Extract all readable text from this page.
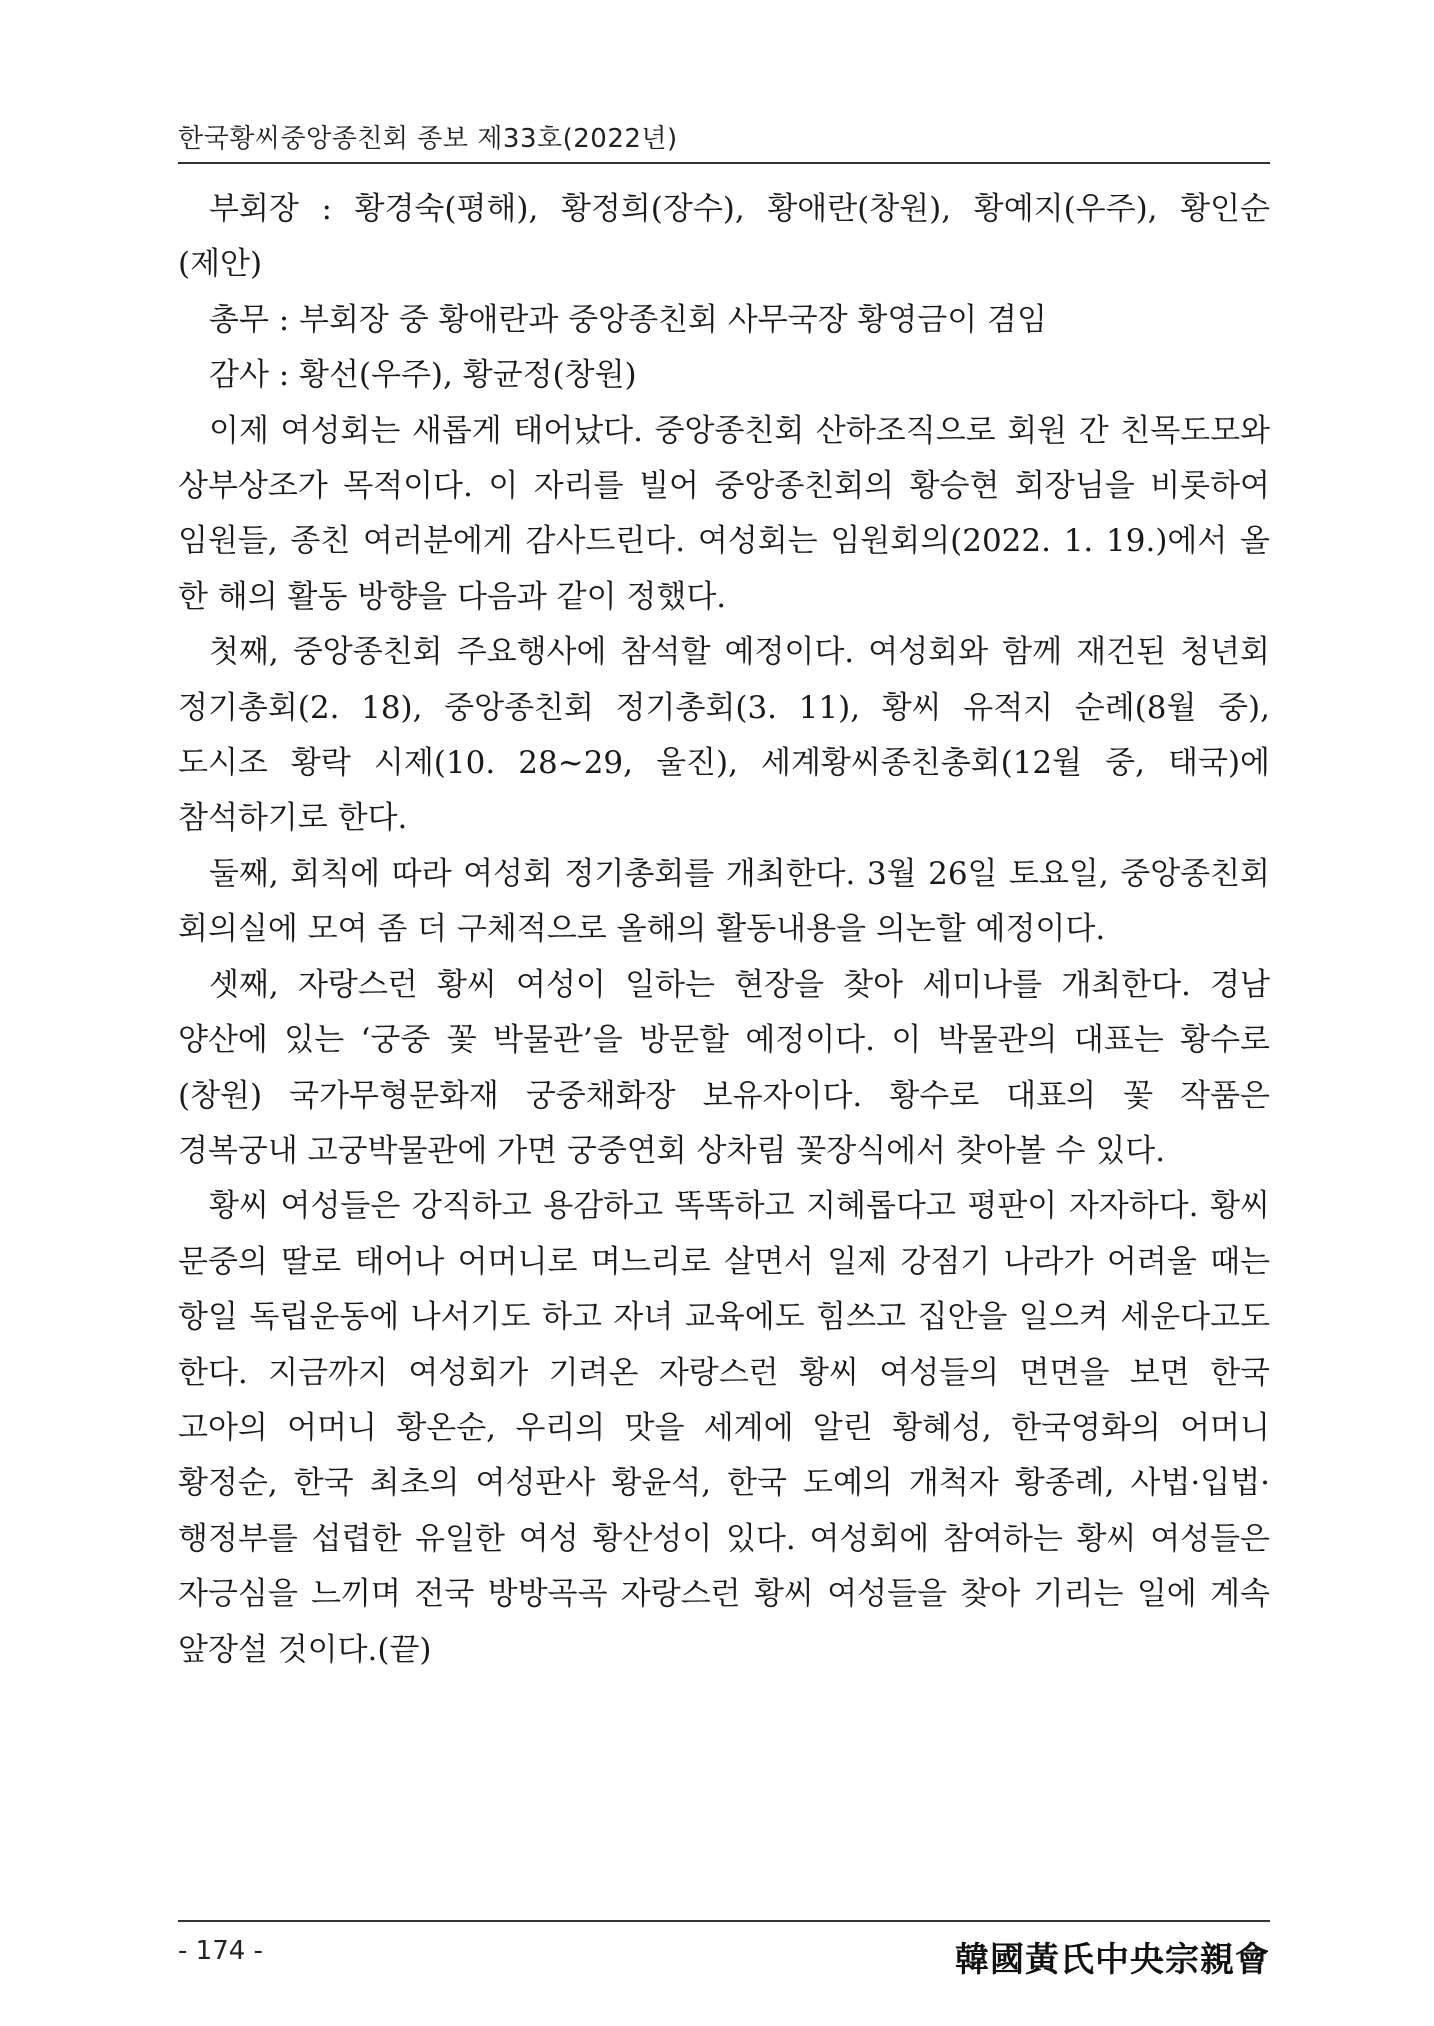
한국황씨중앙종친회 종보 제33호(2022년)

부회장 : 황경숙(평해), 황정희(장수), 황애란(창원), 황예지(우주), 황인순(제안)

총무 : 부회장 중 황애란과 중앙종친회 사무국장 황영금이 겸임

감사 : 황선(우주), 황균정(창원)

이제 여성회는 새롭게 태어났다. 중앙종친회 산하조직으로 회원 간 친목도모와 상부상조가 목적이다. 이 자리를 빌어 중앙종친회의 황승현 회장님을 비롯하여 임원들, 종친 여러분에게 감사드린다. 여성회는 임원회의(2022. 1. 19.)에서 올 한 해의 활동 방향을 다음과 같이 정했다.

첫째, 중앙종친회 주요행사에 참석할 예정이다. 여성회와 함께 재건된 청년회 정기총회(2. 18), 중앙종친회 정기총회(3. 11), 황씨 유적지 순례(8월 중), 도시조 황락 시제(10. 28~29, 울진), 세계황씨종친총회(12월 중, 태국)에 참석하기로 한다.

둘째, 회칙에 따라 여성회 정기총회를 개최한다. 3월 26일 토요일, 중앙종친회 회의실에 모여 좀 더 구체적으로 올해의 활동내용을 의논할 예정이다.

셋째, 자랑스런 황씨 여성이 일하는 현장을 찾아 세미나를 개최한다. 경남 양산에 있는 ‘궁중 꽃 박물관’을 방문할 예정이다. 이 박물관의 대표는 황수로(창원) 국가무형문화재 궁중채화장 보유자이다. 황수로 대표의 꽃 작품은 경복궁내 고궁박물관에 가면 궁중연회 상차림 꽃장식에서 찾아볼 수 있다.

황씨 여성들은 강직하고 용감하고 똑똑하고 지혜롭다고 평판이 자자하다. 황씨 문중의 딸로 태어나 어머니로 며느리로 살면서 일제 강점기 나라가 어려울 때는 항일 독립운동에 나서기도 하고 자녀 교육에도 힘쓰고 집안을 일으켜 세운다고도 한다. 지금까지 여성회가 기려온 자랑스런 황씨 여성들의 면면을 보면 한국 고아의 어머니 황온순, 우리의 맛을 세계에 알린 황혜성, 한국영화의 어머니 황정순, 한국 최초의 여성판사 황윤석, 한국 도예의 개척자 황종례, 사법·입법·행정부를 섭렵한 유일한 여성 황산성이 있다. 여성회에 참여하는 황씨 여성들은 자긍심을 느끼며 전국 방방곡곡 자랑스런 황씨 여성들을 찾아 기리는 일에 계속 앞장설 것이다.(끝)

- 174 -	韓國黃氏中央宗親會
